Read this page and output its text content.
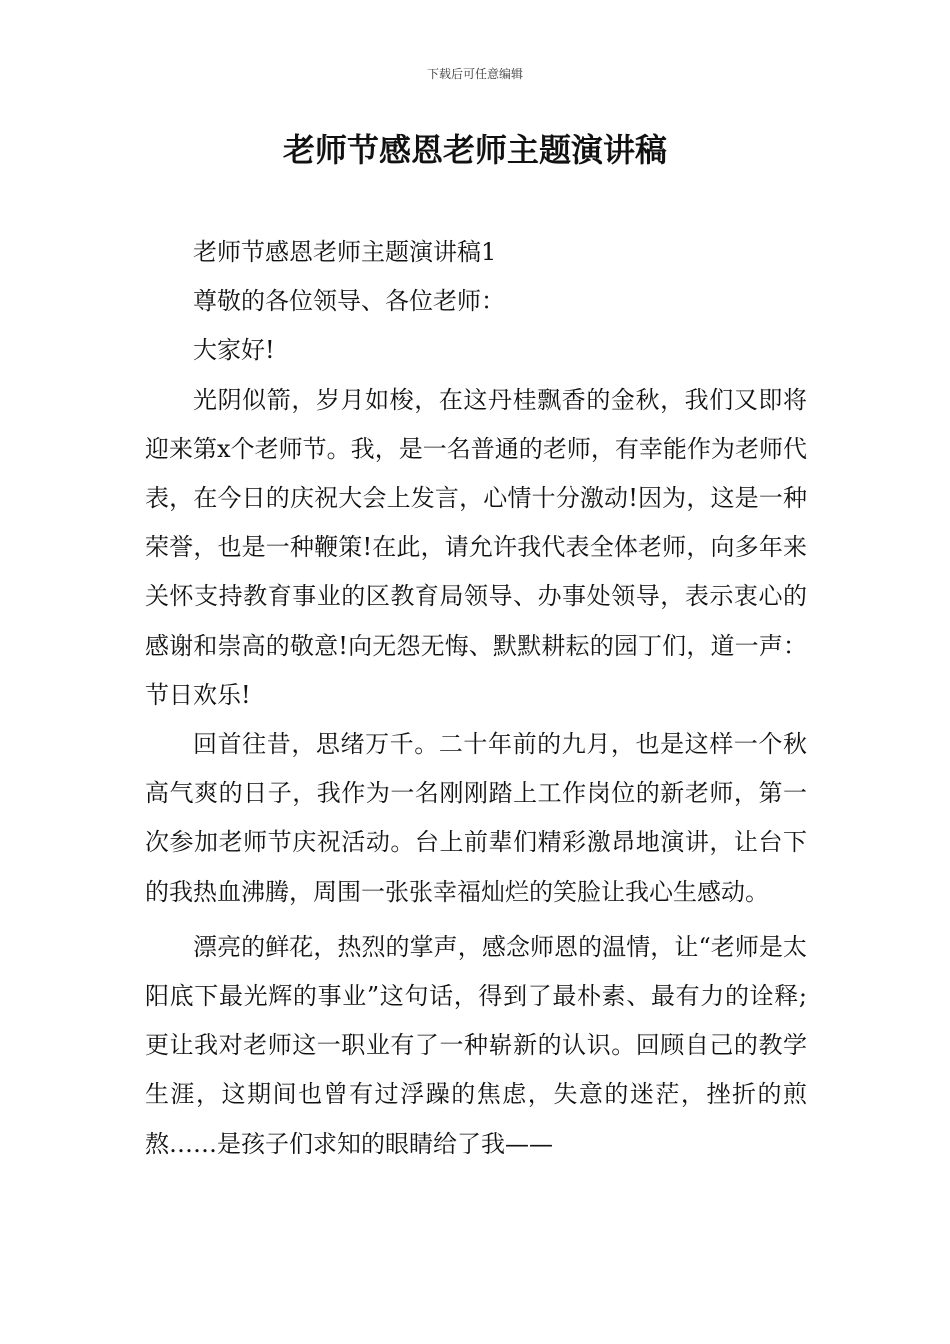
下载后可任意编辑
老师节感恩老师主题演讲稿

老师节感恩老师主题演讲稿1

尊敬的各位领导、各位老师：

大家好!

光阴似箭，岁月如梭，在这丹桂飘香的金秋，我们又即将迎来第x个老师节。我，是一名普通的老师，有幸能作为老师代表，在今日的庆祝大会上发言，心情十分激动!因为，这是一种荣誉，也是一种鞭策!在此，请允许我代表全体老师，向多年来关怀支持教育事业的区教育局领导、办事处领导，表示衷心的感谢和崇高的敬意!向无怨无悔、默默耕耘的园丁们，道一声：节日欢乐!

回首往昔，思绪万千。二十年前的九月，也是这样一个秋高气爽的日子，我作为一名刚刚踏上工作岗位的新老师，第一次参加老师节庆祝活动。台上前辈们精彩激昂地演讲，让台下的我热血沸腾，周围一张张幸福灿烂的笑脸让我心生感动。

漂亮的鲜花，热烈的掌声，感念师恩的温情，让“老师是太阳底下最光辉的事业”这句话，得到了最朴素、最有力的诠释;更让我对老师这一职业有了一种崭新的认识。回顾自己的教学生涯，这期间也曾有过浮躁的焦虑，失意的迷茫，挫折的煎熬……是孩子们求知的眼睛给了我——
